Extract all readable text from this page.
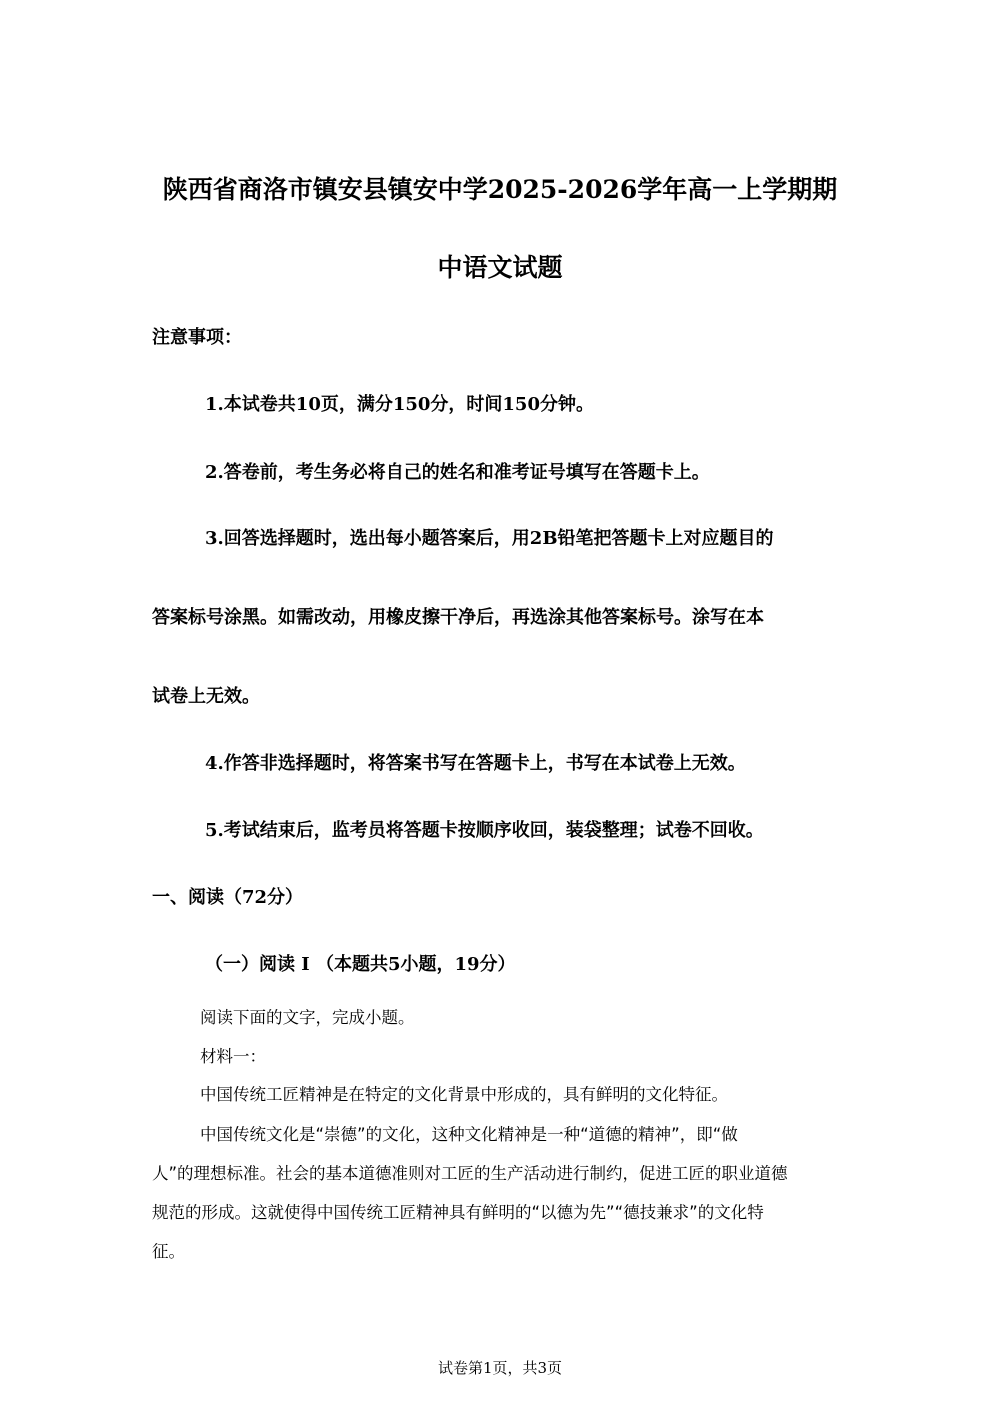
陕西省商洛市镇安县镇安中学2025-2026学年高一上学期期
中语文试题
注意事项：
1.本试卷共10页，满分150分，时间150分钟。
2.答卷前，考生务必将自己的姓名和准考证号填写在答题卡上。
3.回答选择题时，选出每小题答案后，用2B铅笔把答题卡上对应题目的
答案标号涂黑。如需改动，用橡皮擦干净后，再选涂其他答案标号。涂写在本
试卷上无效。
4.作答非选择题时，将答案书写在答题卡上，书写在本试卷上无效。
5.考试结束后，监考员将答题卡按顺序收回，装袋整理；试卷不回收。
一、阅读（72分）
（一）阅读 I （本题共5小题，19分）
阅读下面的文字，完成小题。
材料一：
中国传统工匠精神是在特定的文化背景中形成的，具有鲜明的文化特征。
中国传统文化是“崇德”的文化，这种文化精神是一种“道德的精神”，即“做
人”的理想标准。社会的基本道德准则对工匠的生产活动进行制约，促进工匠的职业道德
规范的形成。这就使得中国传统工匠精神具有鲜明的“以德为先”“德技兼求”的文化特
征。
试卷第1页，共3页
